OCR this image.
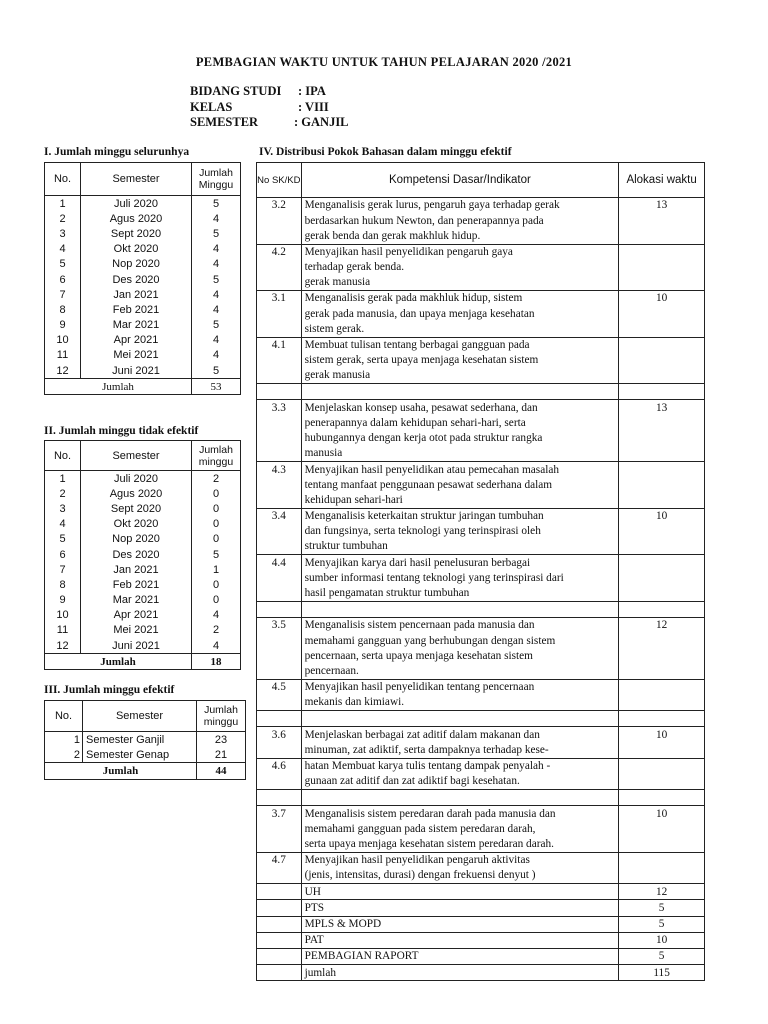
PEMBAGIAN WAKTU UNTUK TAHUN PELAJARAN 2020 /2021
BIDANG STUDI : IPA
KELAS	: VIII
SEMESTER	: GANJIL
I. Jumlah minggu selurunhya	IV. Distribusi Pokok Bahasan dalam minggu efektif
II. Jumlah minggu tidak efektif
III. Jumlah minggu efektif
No.	Semester	Jumlah Minggu
1	Juli 2020	5
2	Agus 2020	4
3	Sept 2020	5
4	Okt 2020	4
5	Nop 2020	4
6	Des 2020	5
7	Jan 2021	4
8	Feb 2021	4
9	Mar 2021	5
10	Apr 2021	4
11	Mei 2021	4
12	Juni 2021	5
Jumlah		53
No.	Semester	Jumlah minggu
1	Juli 2020	2
2	Agus 2020	0
3	Sept 2020	0
4	Okt 2020	0
5	Nop 2020	0
6	Des 2020	5
7	Jan 2021	1
8	Feb 2021	0
9	Mar 2021	0
10	Apr 2021	4
11	Mei 2021	2
12	Juni 2021	4
Jumlah		18
No.	Semester	Jumlah minggu
1	Semester Ganjil	23
2	Semester Genap	21
Jumlah		44
No SK/KD	Kompetensi Dasar/Indikator	Alokasi waktu
3.2	Menganalisis gerak lurus, pengaruh gaya terhadap gerak	13
	berdasarkan hukum Newton, dan penerapannya pada	
	gerak benda dan gerak makhluk hidup.	
4.2	Menyajikan hasil penyelidikan pengaruh gaya	
	terhadap gerak benda.	
	gerak manusia	
3.1	Menganalisis gerak pada makhluk hidup, sistem	10
	gerak pada manusia, dan upaya menjaga kesehatan	
	sistem gerak.	
4.1	Membuat tulisan tentang berbagai gangguan pada	
	sistem gerak, serta upaya menjaga kesehatan sistem	
	gerak manusia	

3.3	Menjelaskan konsep usaha, pesawat sederhana, dan	13
	penerapannya dalam kehidupan sehari-hari, serta	
	hubungannya dengan kerja otot pada struktur rangka	
	manusia	
4.3	Menyajikan hasil penyelidikan atau pemecahan masalah	
	tentang manfaat penggunaan pesawat sederhana dalam	
	kehidupan sehari-hari	
3.4	Menganalisis keterkaitan struktur jaringan tumbuhan	10
	dan fungsinya, serta teknologi yang terinspirasi oleh	
	struktur tumbuhan	
4.4	Menyajikan karya dari hasil penelusuran berbagai	
	sumber informasi tentang teknologi yang terinspirasi dari	
	hasil pengamatan struktur tumbuhan	

3.5	Menganalisis sistem pencernaan pada manusia dan	12
	memahami gangguan yang berhubungan dengan sistem	
	pencernaan, serta upaya menjaga kesehatan sistem	
	pencernaan.	
4.5	Menyajikan hasil penyelidikan tentang pencernaan	
	mekanis dan kimiawi.	

3.6	Menjelaskan berbagai zat aditif dalam makanan dan	10
	minuman, zat adiktif, serta dampaknya terhadap kese-	
4.6	hatan Membuat karya tulis tentang dampak penyalah -	
	gunaan zat aditif dan zat adiktif bagi kesehatan.	

3.7	Menganalisis sistem peredaran darah pada manusia dan	10
	memahami gangguan pada sistem peredaran darah,	
	serta upaya menjaga kesehatan sistem peredaran darah.	
4.7	Menyajikan hasil penyelidikan pengaruh aktivitas	
	(jenis, intensitas, durasi) dengan frekuensi denyut )	
	UH	12
	PTS	5
	MPLS & MOPD	5
	PAT	10
	PEMBAGIAN RAPORT	5
	jumlah	115
